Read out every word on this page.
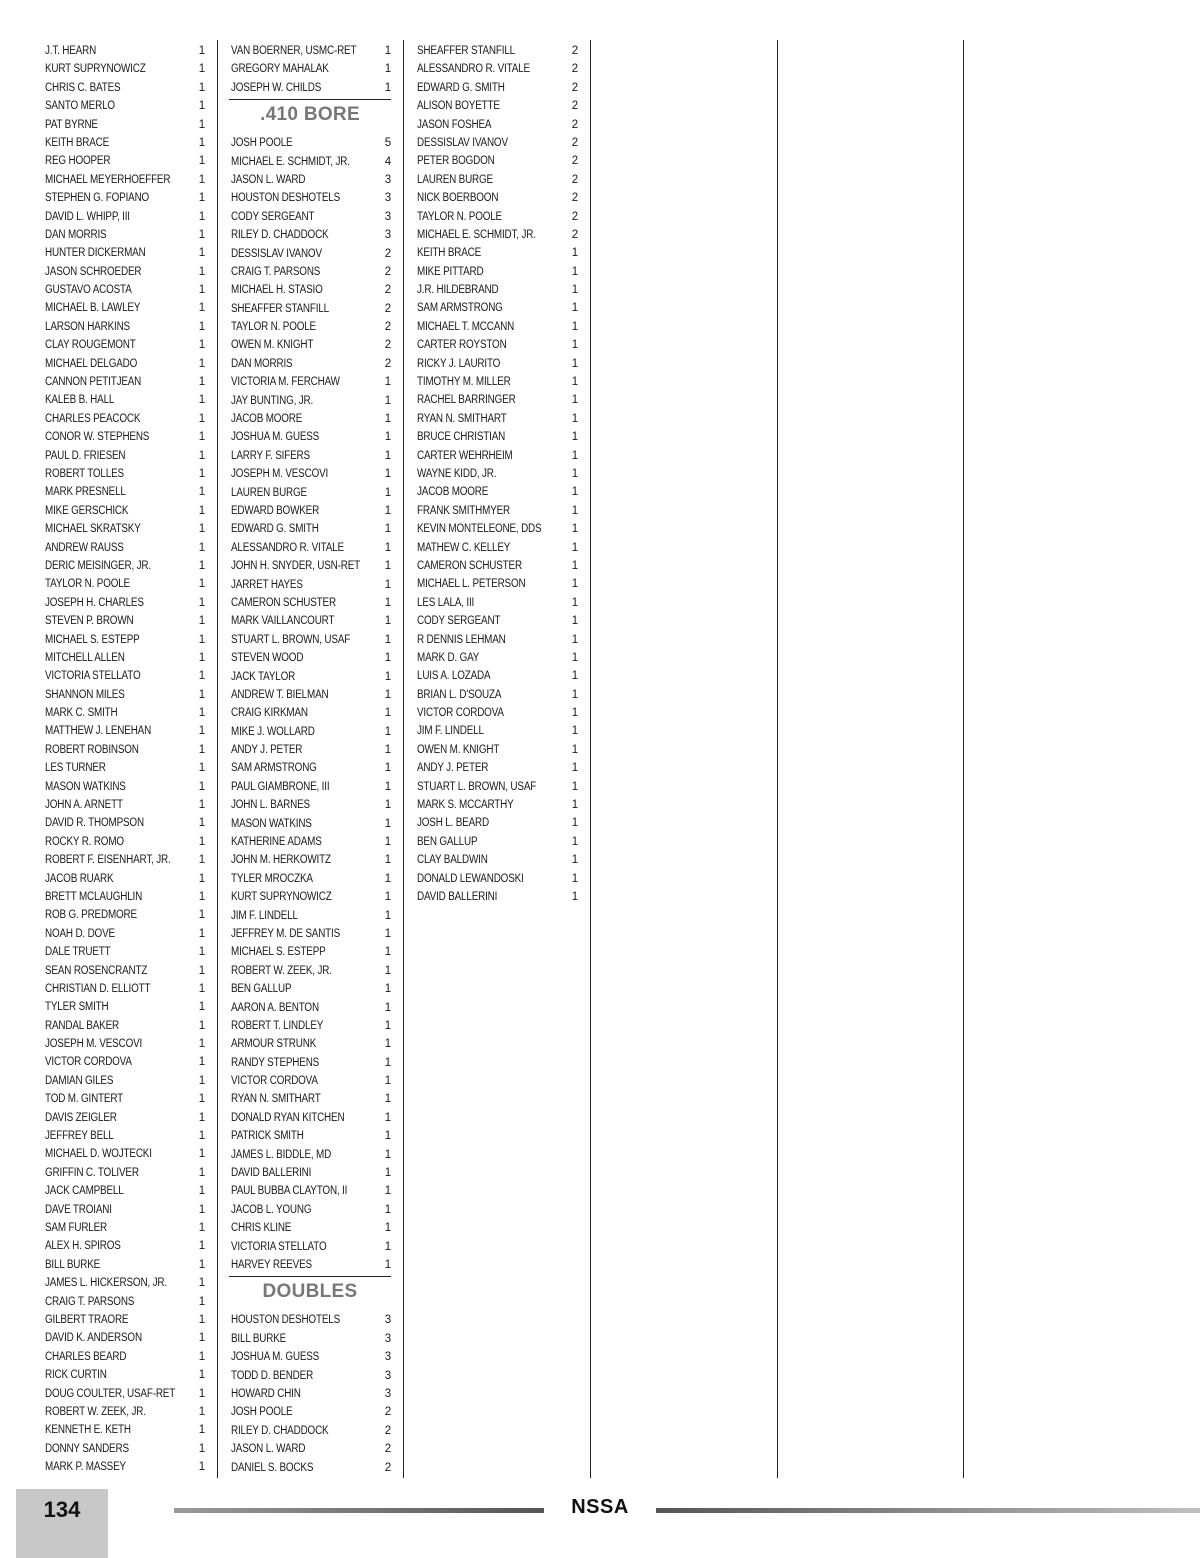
J.T. HEARN	1
KURT SUPRYNOWICZ	1
CHRIS C. BATES	1
SANTO MERLO	1
PAT BYRNE	1
KEITH BRACE	1
REG HOOPER	1
MICHAEL MEYERHOEFFER 1
STEPHEN G. FOPIANO	1
DAVID L. WHIPP, III	1
DAN MORRIS	1
HUNTER DICKERMAN	1
JASON SCHROEDER	1
GUSTAVO ACOSTA	1
MICHAEL B. LAWLEY	1
LARSON HARKINS	1
CLAY ROUGEMONT	1
MICHAEL DELGADO	1
CANNON PETITJEAN	1
KALEB B. HALL	1
CHARLES PEACOCK	1
CONOR W. STEPHENS	1
PAUL D. FRIESEN	1
ROBERT TOLLES	1
MARK PRESNELL	1
MIKE GERSCHICK	1
MICHAEL SKRATSKY	1
ANDREW RAUSS	1
DERIC MEISINGER, JR.	1
TAYLOR N. POOLE	1
JOSEPH H. CHARLES	1
STEVEN P. BROWN	1
MICHAEL S. ESTEPP	1
MITCHELL ALLEN	1
VICTORIA STELLATO	1
SHANNON MILES	1
MARK C. SMITH	1
MATTHEW J. LENEHAN	1
ROBERT ROBINSON	1
LES TURNER	1
MASON WATKINS	1
JOHN A. ARNETT	1
DAVID R. THOMPSON	1
ROCKY R. ROMO	1
ROBERT F. EISENHART, JR. 1
JACOB RUARK	1
BRETT MCLAUGHLIN	1
ROB G. PREDMORE	1
NOAH D. DOVE	1
DALE TRUETT	1
SEAN ROSENCRANTZ	1
CHRISTIAN D. ELLIOTT	1
TYLER SMITH	1
RANDAL BAKER	1
JOSEPH M. VESCOVI	1
VICTOR CORDOVA	1
DAMIAN GILES	1
TOD M. GINTERT	1
DAVIS ZEIGLER	1
JEFFREY BELL	1
MICHAEL D. WOJTECKI	1
GRIFFIN C. TOLIVER	1
JACK CAMPBELL	1
DAVE TROIANI	1
SAM FURLER	1
ALEX H. SPIROS	1
BILL BURKE	1
JAMES L. HICKERSON, JR.	1
CRAIG T. PARSONS	1
GILBERT TRAORE	1
DAVID K. ANDERSON	1
CHARLES BEARD	1
RICK CURTIN	1
DOUG COULTER, USAF-RET 1
ROBERT W. ZEEK, JR.	1
KENNETH E. KETH	1
DONNY SANDERS	1
MARK P. MASSEY	1
VAN BOERNER, USMC-RET 1
GREGORY MAHALAK	1
JOSEPH W. CHILDS	1
.410 BORE
JOSH POOLE	5
MICHAEL E. SCHMIDT, JR.	4
JASON L. WARD	3
HOUSTON DESHOTELS	3
CODY SERGEANT	3
RILEY D. CHADDOCK	3
DESSISLAV IVANOV	2
CRAIG T. PARSONS	2
MICHAEL H. STASIO	2
SHEAFFER STANFILL	2
TAYLOR N. POOLE	2
OWEN M. KNIGHT	2
DAN MORRIS	2
VICTORIA M. FERCHAW	1
JAY BUNTING, JR.	1
JACOB MOORE	1
JOSHUA M. GUESS	1
LARRY F. SIFERS	1
JOSEPH M. VESCOVI	1
LAUREN BURGE	1
EDWARD BOWKER	1
EDWARD G. SMITH	1
ALESSANDRO R. VITALE	1
JOHN H. SNYDER, USN-RET 1
JARRET HAYES	1
CAMERON SCHUSTER	1
MARK VAILLANCOURT	1
STUART L. BROWN, USAF	1
STEVEN WOOD	1
JACK TAYLOR	1
ANDREW T. BIELMAN	1
CRAIG KIRKMAN	1
MIKE J. WOLLARD	1
ANDY J. PETER	1
SAM ARMSTRONG	1
PAUL GIAMBRONE, III	1
JOHN L. BARNES	1
MASON WATKINS	1
KATHERINE ADAMS	1
JOHN M. HERKOWITZ	1
TYLER MROCZKA	1
KURT SUPRYNOWICZ	1
JIM F. LINDELL	1
JEFFREY M. DE SANTIS	1
MICHAEL S. ESTEPP	1
ROBERT W. ZEEK, JR.	1
BEN GALLUP	1
AARON A. BENTON	1
ROBERT T. LINDLEY	1
ARMOUR STRUNK	1
RANDY STEPHENS	1
VICTOR CORDOVA	1
RYAN N. SMITHART	1
DONALD RYAN KITCHEN	1
PATRICK SMITH	1
JAMES L. BIDDLE, MD	1
DAVID BALLERINI	1
PAUL BUBBA CLAYTON, II	1
JACOB L. YOUNG	1
CHRIS KLINE	1
VICTORIA STELLATO	1
HARVEY REEVES	1
DOUBLES
HOUSTON DESHOTELS	3
BILL BURKE	3
JOSHUA M. GUESS	3
TODD D. BENDER	3
HOWARD CHIN	3
JOSH POOLE	2
RILEY D. CHADDOCK	2
JASON L. WARD	2
DANIEL S. BOCKS	2
SHEAFFER STANFILL	2
ALESSANDRO R. VITALE	2
EDWARD G. SMITH	2
ALISON BOYETTE	2
JASON FOSHEA	2
DESSISLAV IVANOV	2
PETER BOGDON	2
LAUREN BURGE	2
NICK BOERBOON	2
TAYLOR N. POOLE	2
MICHAEL E. SCHMIDT, JR.	2
KEITH BRACE	1
MIKE PITTARD	1
J.R. HILDEBRAND	1
SAM ARMSTRONG	1
MICHAEL T. MCCANN	1
CARTER ROYSTON	1
RICKY J. LAURITO	1
TIMOTHY M. MILLER	1
RACHEL BARRINGER	1
RYAN N. SMITHART	1
BRUCE CHRISTIAN	1
CARTER WEHRHEIM	1
WAYNE KIDD, JR.	1
JACOB MOORE	1
FRANK SMITHMYER	1
KEVIN MONTELEONE, DDS	1
MATHEW C. KELLEY	1
CAMERON SCHUSTER	1
MICHAEL L. PETERSON	1
LES LALA, III	1
CODY SERGEANT	1
R DENNIS LEHMAN	1
MARK D. GAY	1
LUIS A. LOZADA	1
BRIAN L. D'SOUZA	1
VICTOR CORDOVA	1
JIM F. LINDELL	1
OWEN M. KNIGHT	1
ANDY J. PETER	1
STUART L. BROWN, USAF	1
MARK S. MCCARTHY	1
JOSH L. BEARD	1
BEN GALLUP	1
CLAY BALDWIN	1
DONALD LEWANDOSKI	1
DAVID BALLERINI	1
134	NSSA
